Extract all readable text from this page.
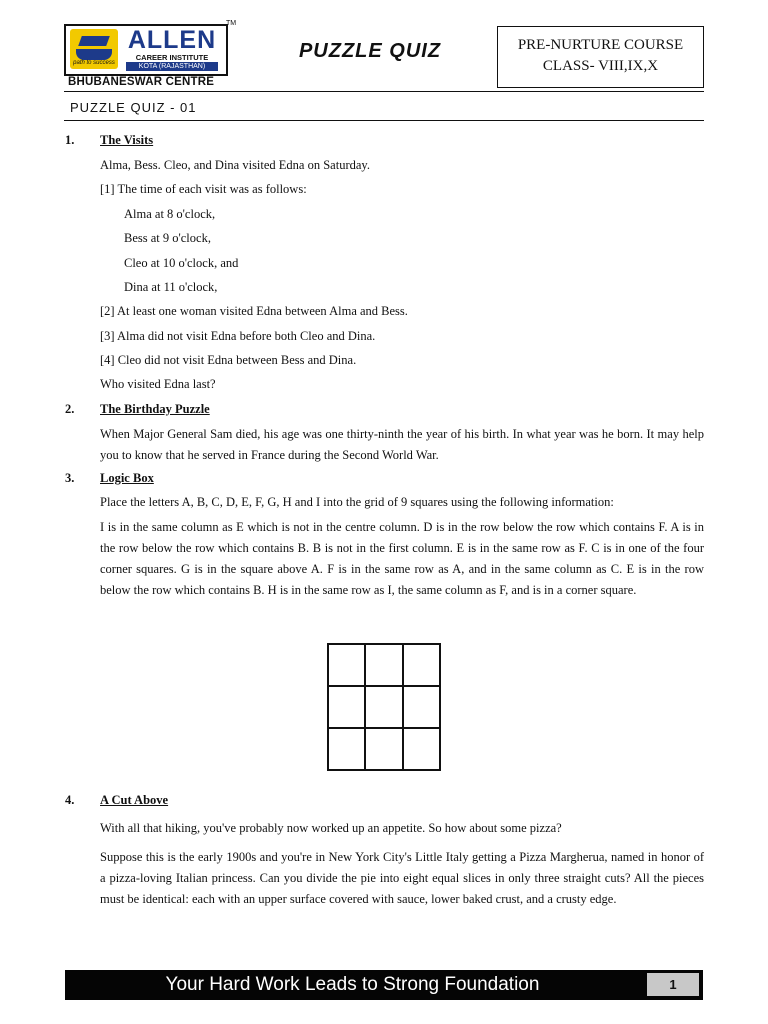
path to success
ALLEN
CAREER INSTITUTE
KOTA (RAJASTHAN)
TM
BHUBANESWAR CENTRE
PUZZLE QUIZ	PRE-NURTURE COURSE
CLASS- VIII,IX,X
PUZZLE QUIZ - 01
1. The Visits
Alma, Bess. Cleo, and Dina visited Edna on Saturday.
[1] The time of each visit was as follows:
Alma at 8 o'clock,
Bess at 9 o'clock,
Cleo at 10 o'clock, and
Dina at 11 o'clock,
[2] At least one woman visited Edna between Alma and Bess.
[3] Alma did not visit Edna before both Cleo and Dina.
[4] Cleo did not visit Edna between Bess and Dina.
Who visited Edna last?
2. The Birthday Puzzle
When Major General Sam died, his age was one thirty-ninth the year of his birth. In what year was he born. It may help you to know that he served in France during the Second World War.
3. Logic Box
Place the letters A, B, C, D, E, F, G, H and I into the grid of 9 squares using the following information:
I is in the same column as E which is not in the centre column. D is in the row below the row which contains F. A is in the row below the row which contains B. B is not in the first column. E is in the same row as F. C is in one of the four corner squares. G is in the square above A. F is in the same row as A, and in the same column as C. E is in the row below the row which contains B. H is in the same row as I, the same column as F, and is in a corner square.
4. A Cut Above
With all that hiking, you've probably now worked up an appetite. So how about some pizza?
Suppose this is the early 1900s and you're in New York City's Little Italy getting a Pizza Margherua, named in honor of a pizza-loving Italian princess. Can you divide the pie into eight equal slices in only three straight cuts? All the pieces must be identical: each with an upper surface covered with sauce, lower baked crust, and a crusty edge.
Your Hard Work Leads to Strong Foundation	1
